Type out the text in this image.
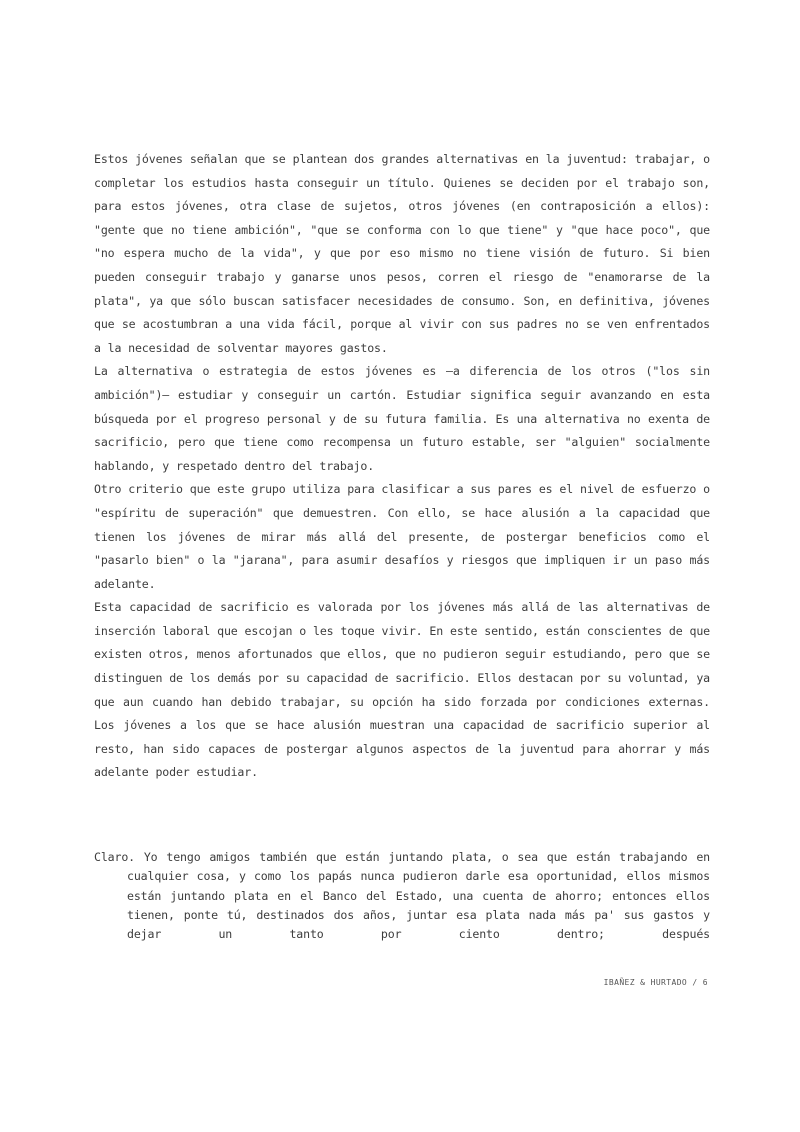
Estos jóvenes señalan que se plantean dos grandes alternativas en la juventud: trabajar, o completar los estudios hasta conseguir un título. Quienes se deciden por el trabajo son, para estos jóvenes, otra clase de sujetos, otros jóvenes (en contraposición a ellos): "gente que no tiene ambición", "que se conforma con lo que tiene" y "que hace poco", que "no espera mucho de la vida", y que por eso mismo no tiene visión de futuro. Si bien pueden conseguir trabajo y ganarse unos pesos, corren el riesgo de "enamorarse de la plata", ya que sólo buscan satisfacer necesidades de consumo. Son, en definitiva, jóvenes que se acostumbran a una vida fácil, porque al vivir con sus padres no se ven enfrentados a la necesidad de solventar mayores gastos.

La alternativa o estrategia de estos jóvenes es —a diferencia de los otros ("los sin ambición")— estudiar y conseguir un cartón. Estudiar significa seguir avanzando en esta búsqueda por el progreso personal y de su futura familia. Es una alternativa no exenta de sacrificio, pero que tiene como recompensa un futuro estable, ser "alguien" socialmente hablando, y respetado dentro del trabajo.

Otro criterio que este grupo utiliza para clasificar a sus pares es el nivel de esfuerzo o "espíritu de superación" que demuestren. Con ello, se hace alusión a la capacidad que tienen los jóvenes de mirar más allá del presente, de postergar beneficios como el "pasarlo bien" o la "jarana", para asumir desafíos y riesgos que impliquen ir un paso más adelante.

Esta capacidad de sacrificio es valorada por los jóvenes más allá de las alternativas de inserción laboral que escojan o les toque vivir. En este sentido, están conscientes de que existen otros, menos afortunados que ellos, que no pudieron seguir estudiando, pero que se distinguen de los demás por su capacidad de sacrificio. Ellos destacan por su voluntad, ya que aun cuando han debido trabajar, su opción ha sido forzada por condiciones externas. Los jóvenes a los que se hace alusión muestran una capacidad de sacrificio superior al resto, han sido capaces de postergar algunos aspectos de la juventud para ahorrar y más adelante poder estudiar.

Claro. Yo tengo amigos también que están juntando plata, o sea que están trabajando en cualquier cosa, y como los papás nunca pudieron darle esa oportunidad, ellos mismos están juntando plata en el Banco del Estado, una cuenta de ahorro; entonces ellos tienen, ponte tú, destinados dos años, juntar esa plata nada más pa' sus gastos y dejar un tanto por ciento dentro; después
IBAÑEZ & HURTADO / 6
